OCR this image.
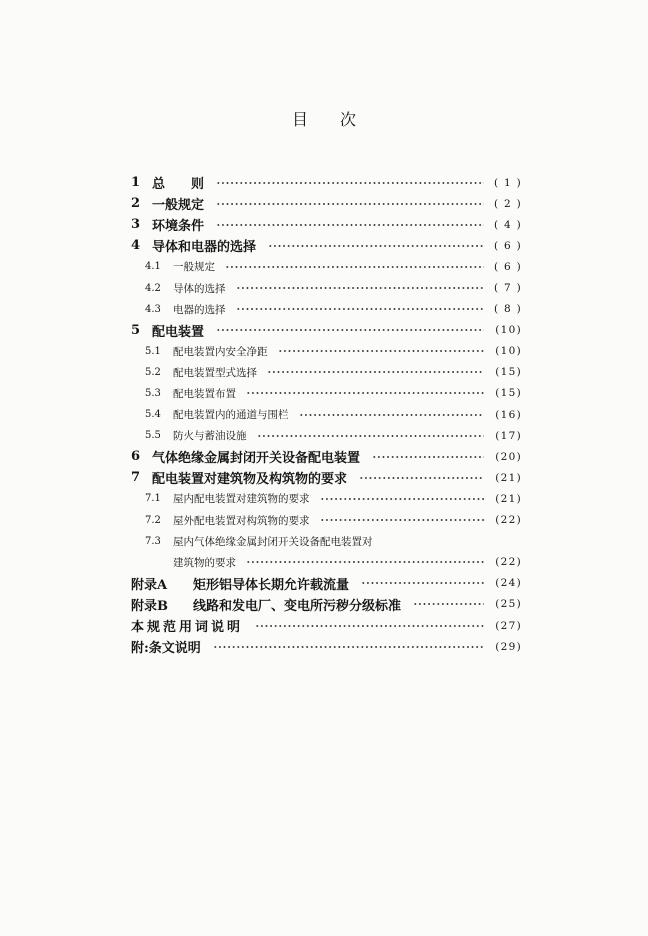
目　　次
1 总　　则	( 1 )
2 一般规定	( 2 )
3 环境条件	( 4 )
4 导体和电器的选择	( 6 )
4.1	一般规定	( 6 )
4.2	导体的选择	( 7 )
4.3	电器的选择	( 8 )
5 配电装置	(10)
5.1	配电装置内安全净距	(10)
5.2	配电装置型式选择	(15)
5.3	配电装置布置	(15)
5.4	配电装置内的通道与围栏	(16)
5.5	防火与蓄油设施	(17)
6 气体绝缘金属封闭开关设备配电装置	(20)
7 配电装置对建筑物及构筑物的要求	(21)
7.1	屋内配电装置对建筑物的要求	(21)
7.2	屋外配电装置对构筑物的要求	(22)
7.3	屋内气体绝缘金属封闭开关设备配电装置对
建筑物的要求	(22)
附录A	矩形铝导体长期允许载流量	(24)
附录B	线路和发电厂、变电所污秽分级标准	(25)
本规范用词说明	(27)
附:条文说明	(29)
